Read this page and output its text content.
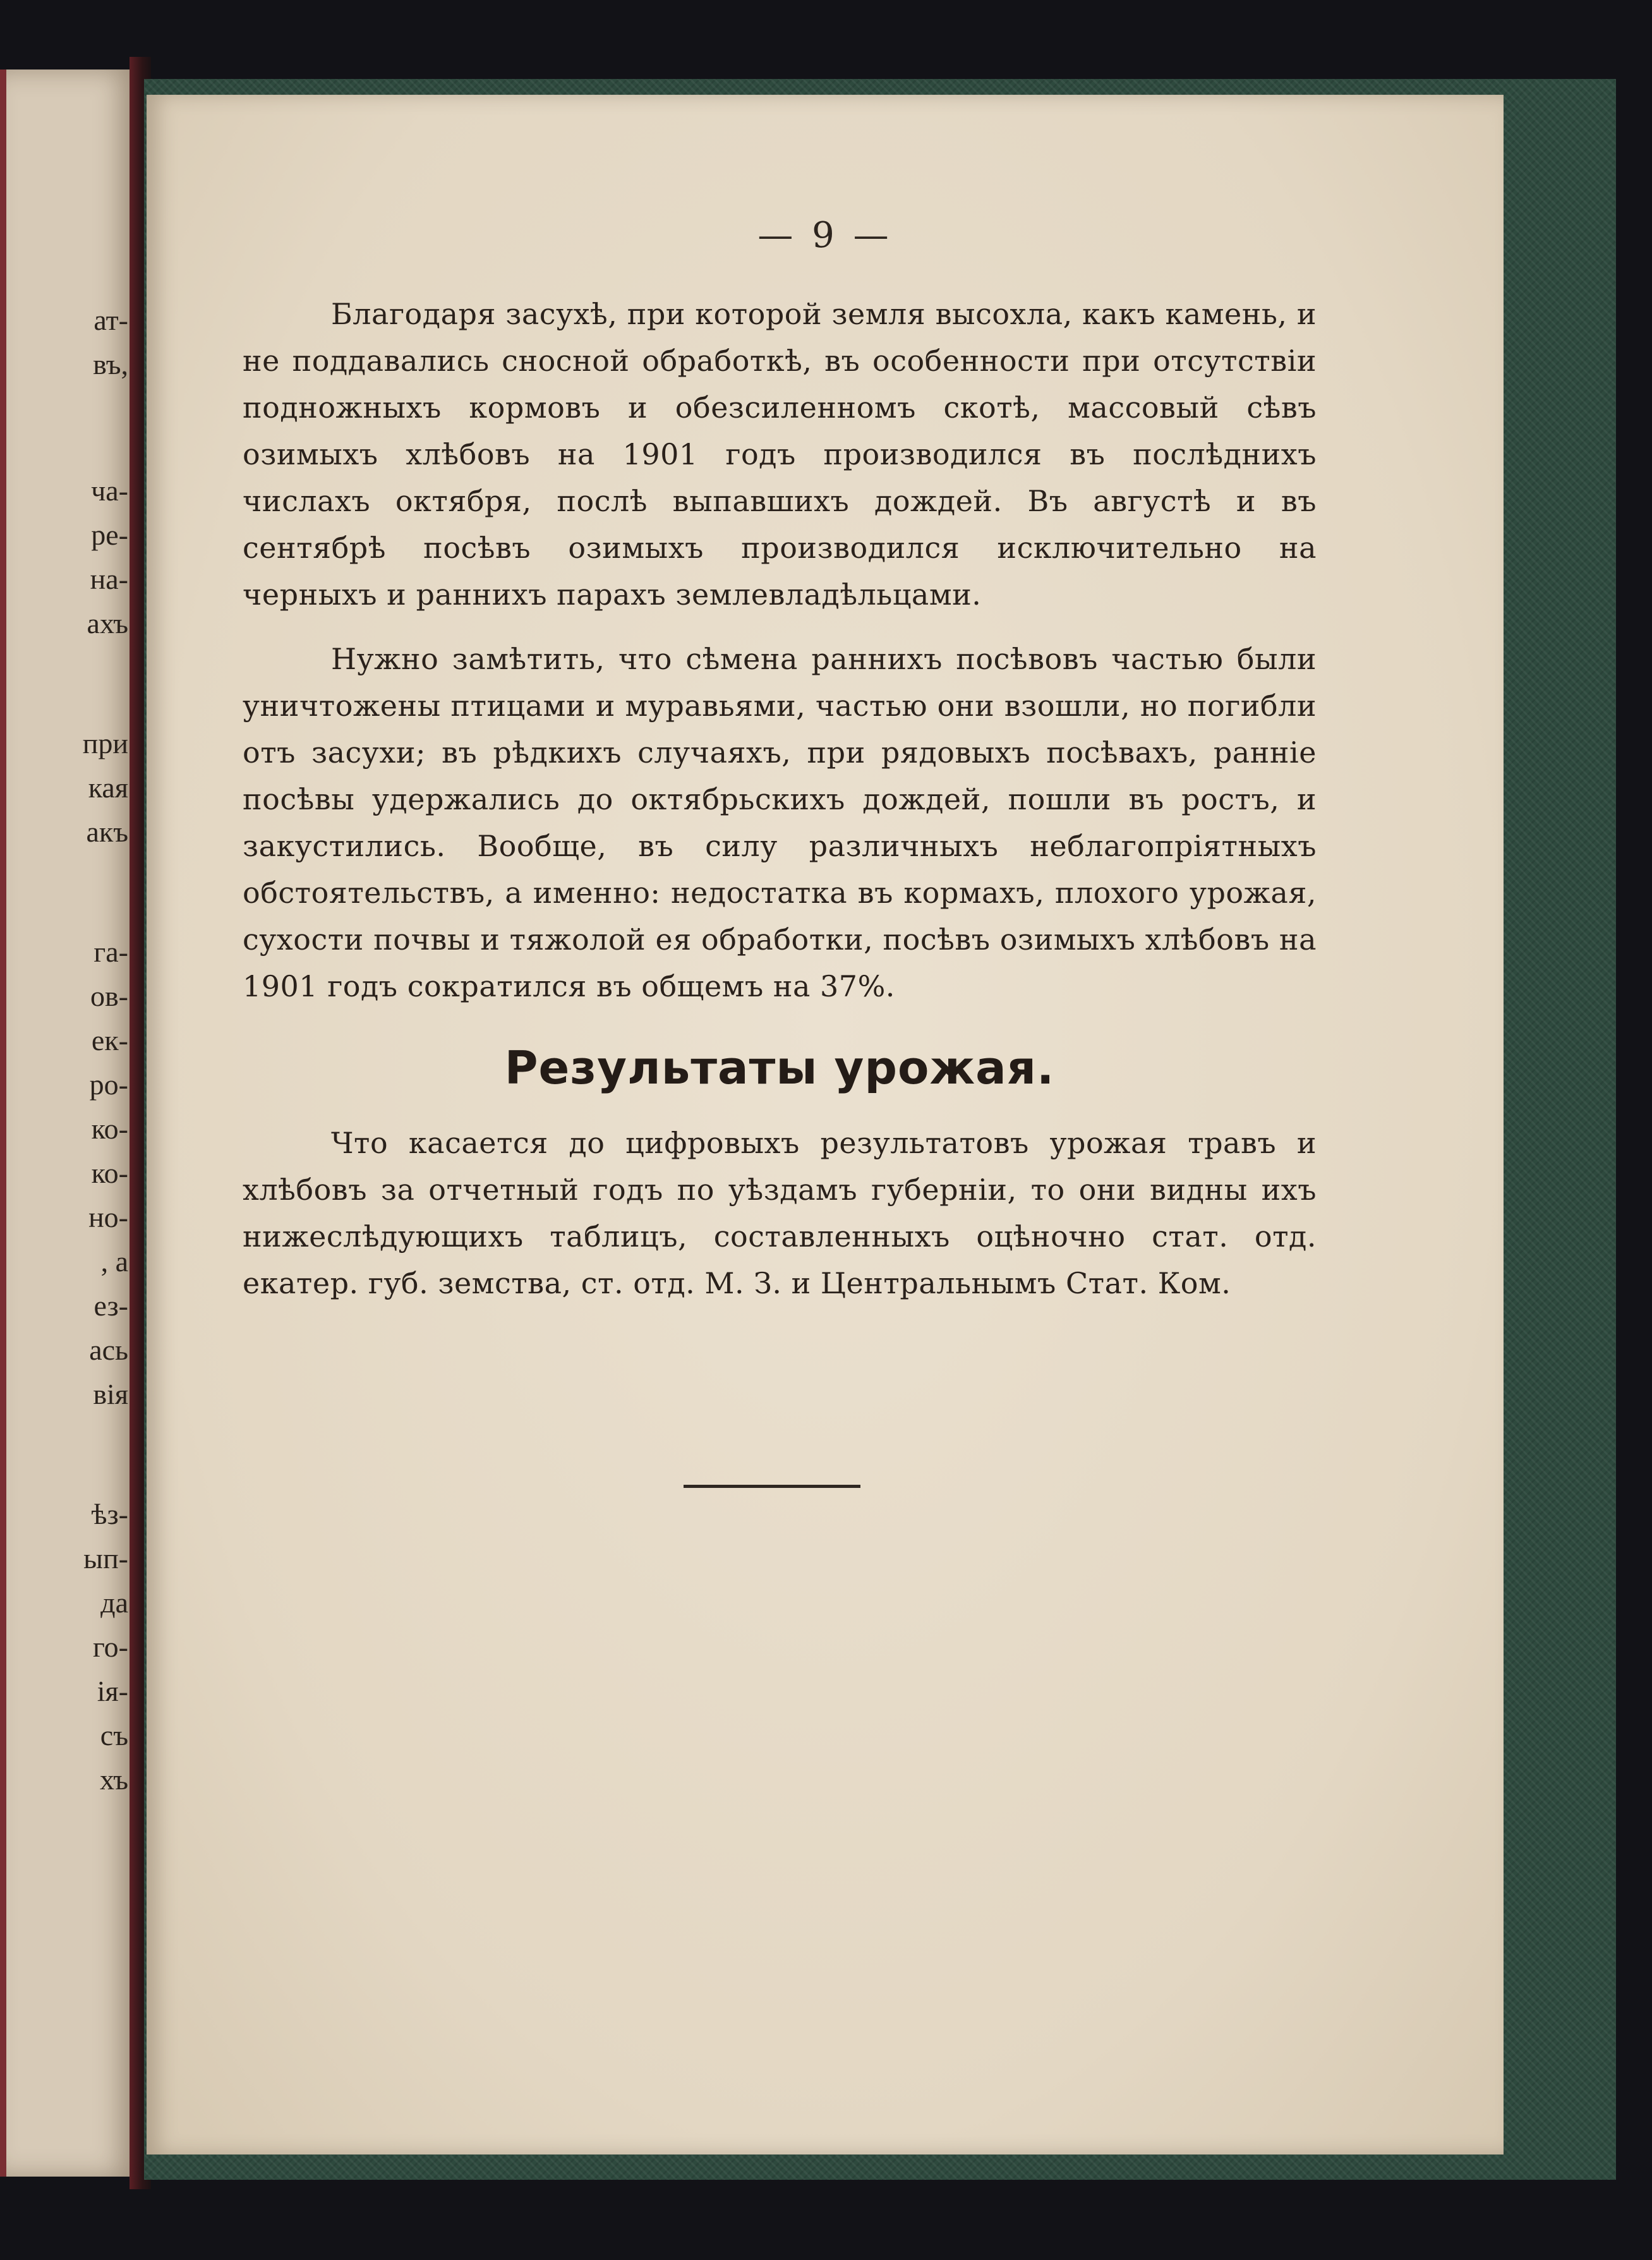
ат-
въ,
ча-
ре-
на-
ахъ
при
кая
акъ
га-
ов-
ек-
ро-
ко-
ко-
но-
, а
ез-
ась
вія
ѣз-
ып-
да
го-
ія-
съ
хъ
— 9 —

Благодаря засухѣ, при которой земля высохла, какъ камень, и не поддавались сносной обработкѣ, въ особенности при отсутствіи подножныхъ кормовъ и обезсиленномъ скотѣ, массовый сѣвъ озимыхъ хлѣбовъ на 1901 годъ производился въ послѣднихъ числахъ октября, послѣ выпавшихъ дождей. Въ августѣ и въ сентябрѣ посѣвъ озимыхъ производился исключительно на черныхъ и раннихъ парахъ землевладѣльцами.

Нужно замѣтить, что сѣмена раннихъ посѣвовъ частью были уничтожены птицами и муравьями, частью они взошли, но погибли отъ засухи; въ рѣдкихъ случаяхъ, при рядовыхъ посѣвахъ, ранніе посѣвы удержались до октябрьскихъ дождей, пошли въ ростъ, и закустились. Вообще, въ силу различныхъ неблагопріятныхъ обстоятельствъ, а именно: недостатка въ кормахъ, плохого урожая, сухости почвы и тяжолой ея обработки, посѣвъ озимыхъ хлѣбовъ на 1901 годъ сократился въ общемъ на 37%.

Результаты урожая.

Что касается до цифровыхъ результатовъ урожая травъ и хлѣбовъ за отчетный годъ по уѣздамъ губерніи, то они видны ихъ нижеслѣдующихъ таблицъ, составленныхъ оцѣночно стат. отд. екатер. губ. земства, ст. отд. М. З. и Центральнымъ Стат. Ком.
